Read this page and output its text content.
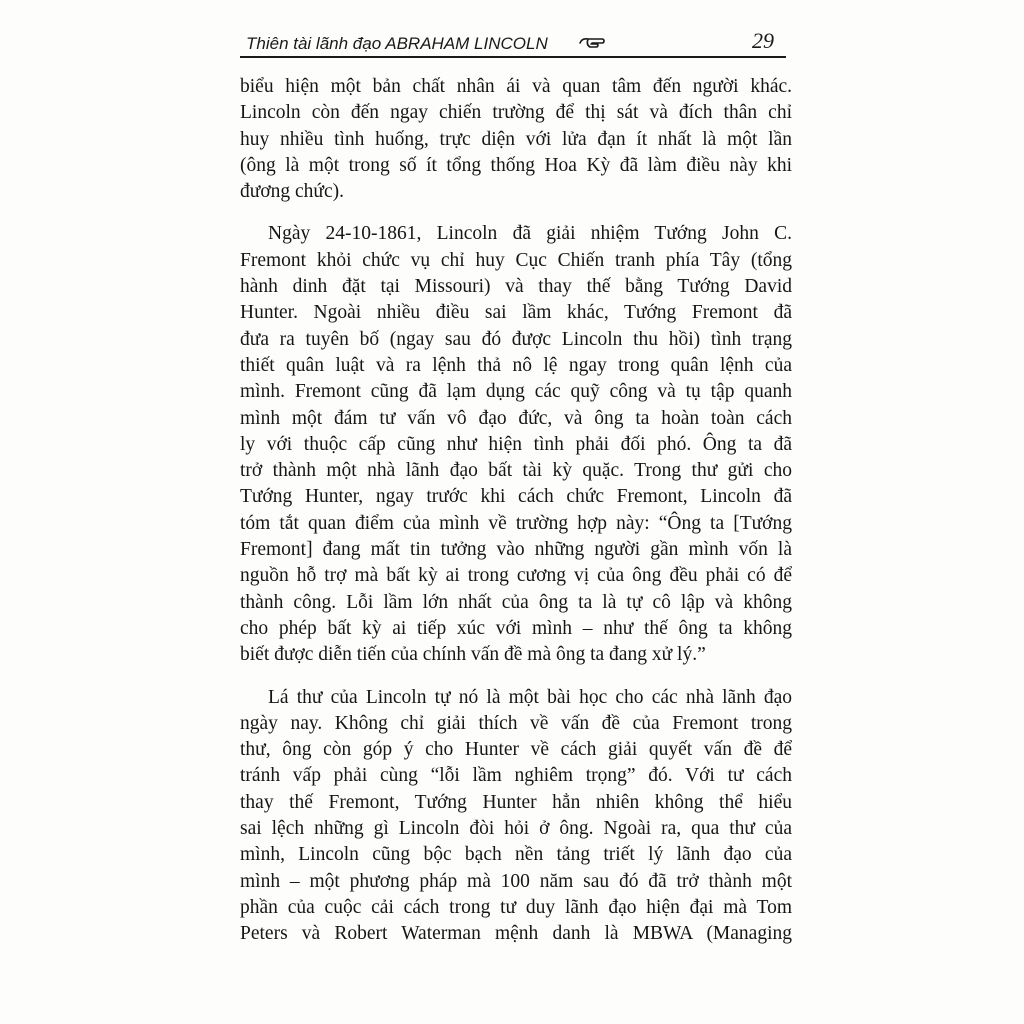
Thiên tài lãnh đạo ABRAHAM LINCOLN	29

biểu hiện một bản chất nhân ái và quan tâm đến người khác.
Lincoln còn đến ngay chiến trường để thị sát và đích thân chỉ
huy nhiều tình huống, trực diện với lửa đạn ít nhất là một lần
(ông là một trong số ít tổng thống Hoa Kỳ đã làm điều này khi
đương chức).

Ngày 24-10-1861, Lincoln đã giải nhiệm Tướng John C.
Fremont khỏi chức vụ chỉ huy Cục Chiến tranh phía Tây (tổng
hành dinh đặt tại Missouri) và thay thế bằng Tướng David
Hunter. Ngoài nhiều điều sai lầm khác, Tướng Fremont đã
đưa ra tuyên bố (ngay sau đó được Lincoln thu hồi) tình trạng
thiết quân luật và ra lệnh thả nô lệ ngay trong quân lệnh của
mình. Fremont cũng đã lạm dụng các quỹ công và tụ tập quanh
mình một đám tư vấn vô đạo đức, và ông ta hoàn toàn cách
ly với thuộc cấp cũng như hiện tình phải đối phó. Ông ta đã
trở thành một nhà lãnh đạo bất tài kỳ quặc. Trong thư gửi cho
Tướng Hunter, ngay trước khi cách chức Fremont, Lincoln đã
tóm tắt quan điểm của mình về trường hợp này: “Ông ta [Tướng
Fremont] đang mất tin tưởng vào những người gần mình vốn là
nguồn hỗ trợ mà bất kỳ ai trong cương vị của ông đều phải có để
thành công. Lỗi lầm lớn nhất của ông ta là tự cô lập và không
cho phép bất kỳ ai tiếp xúc với mình – như thế ông ta không
biết được diễn tiến của chính vấn đề mà ông ta đang xử lý.”

Lá thư của Lincoln tự nó là một bài học cho các nhà lãnh đạo
ngày nay. Không chỉ giải thích về vấn đề của Fremont trong
thư, ông còn góp ý cho Hunter về cách giải quyết vấn đề để
tránh vấp phải cùng “lỗi lầm nghiêm trọng” đó. Với tư cách
thay thế Fremont, Tướng Hunter hẳn nhiên không thể hiểu
sai lệch những gì Lincoln đòi hỏi ở ông. Ngoài ra, qua thư của
mình, Lincoln cũng bộc bạch nền tảng triết lý lãnh đạo của
mình – một phương pháp mà 100 năm sau đó đã trở thành một
phần của cuộc cải cách trong tư duy lãnh đạo hiện đại mà Tom
Peters và Robert Waterman mệnh danh là MBWA (Managing
